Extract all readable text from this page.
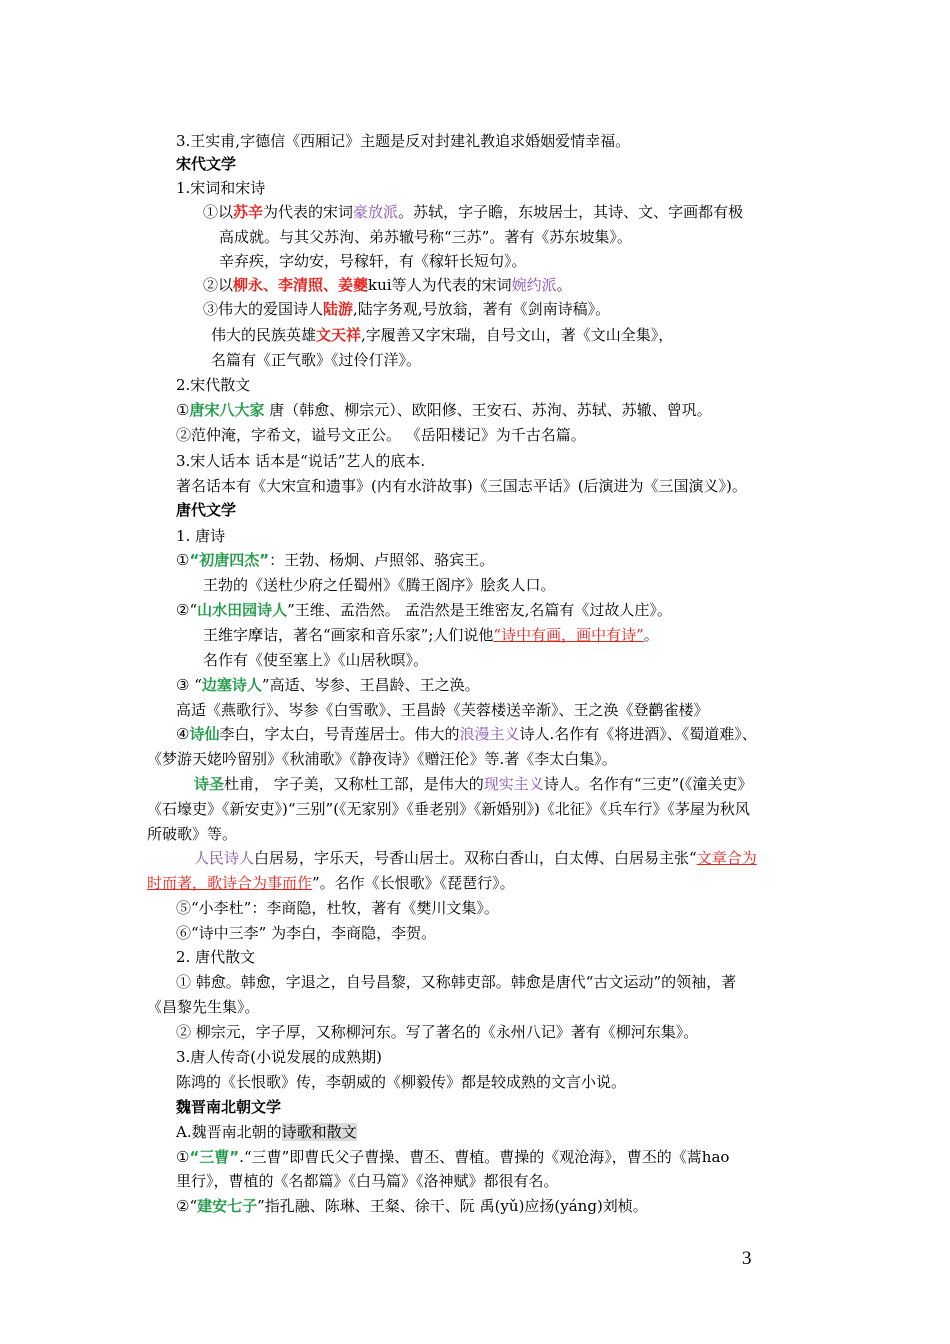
3.王实甫,字德信《西厢记》主题是反对封建礼教追求婚姻爱情幸福。
宋代文学
1.宋词和宋诗
①以苏辛为代表的宋词豪放派。苏轼，字子瞻，东坡居士，其诗、文、字画都有极
高成就。与其父苏洵、弟苏辙号称“三苏”。著有《苏东坡集》。
辛弃疾，字幼安，号稼轩，有《稼轩长短句》。
②以柳永、李清照、姜夔kui等人为代表的宋词婉约派。
③伟大的爱国诗人陆游,陆字务观,号放翁，著有《剑南诗稿》。
伟大的民族英雄文天祥,字履善又字宋瑞，自号文山，著《文山全集》，
名篇有《正气歌》《过伶仃洋》。
2.宋代散文
①唐宋八大家 唐（韩愈、柳宗元）、欧阳修、王安石、苏洵、苏轼、苏辙、曾巩。
②范仲淹，字希文，谥号文正公。 《岳阳楼记》为千古名篇。
3.宋人话本 话本是“说话”艺人的底本.
著名话本有《大宋宣和遗事》(内有水浒故事)《三国志平话》(后演进为《三国演义》)。
唐代文学
1. 唐诗
①“初唐四杰”：王勃、杨炯、卢照邻、骆宾王。
王勃的《送杜少府之任蜀州》《腾王阁序》脍炙人口。
②“山水田园诗人”王维、孟浩然。 孟浩然是王维密友,名篇有《过故人庄》。
王维字摩诘，著名“画家和音乐家”;人们说他“诗中有画，画中有诗”。
名作有《使至塞上》《山居秋暝》。
③ “边塞诗人”高适、岑参、王昌龄、王之涣。
高适《燕歌行》、岑参《白雪歌》、王昌龄《芙蓉楼送辛渐》、王之涣《登鹳雀楼》
④诗仙李白，字太白，号青莲居士。伟大的浪漫主义诗人.名作有《将进酒》、《蜀道难》、
《梦游天姥吟留别》《秋浦歌》《静夜诗》《赠汪伦》等.著《李太白集》。
诗圣杜甫， 字子美，又称杜工部，是伟大的现实主义诗人。名作有“三吏”(《潼关吏》
《石壕吏》《新安吏》)“三别”(《无家别》《垂老别》《新婚别》)《北征》《兵车行》《茅屋为秋风
所破歌》等。
人民诗人白居易，字乐天，号香山居士。双称白香山，白太傅、白居易主张“文章合为
时而著，歌诗合为事而作”。名作《长恨歌》《琵琶行》。
⑤“小李杜”：李商隐，杜牧，著有《樊川文集》。
⑥“诗中三李” 为李白，李商隐，李贺。
2. 唐代散文
① 韩愈。韩愈，字退之，自号昌黎，又称韩吏部。韩愈是唐代“古文运动”的领袖，著
《昌黎先生集》。
② 柳宗元，字子厚，又称柳河东。写了著名的《永州八记》著有《柳河东集》。
3.唐人传奇(小说发展的成熟期)
陈鸿的《长恨歌》传，李朝威的《柳毅传》都是较成熟的文言小说。
魏晋南北朝文学
A.魏晋南北朝的诗歌和散文
①“三曹”.“三曹”即曹氏父子曹操、曹丕、曹植。曹操的《观沧海》，曹丕的《蒿hao
里行》，曹植的《名都篇》《白马篇》《洛神赋》都很有名。
②“建安七子”指孔融、陈琳、王粲、徐干、阮 禹(yǔ)应扬(yáng)刘桢。
3
